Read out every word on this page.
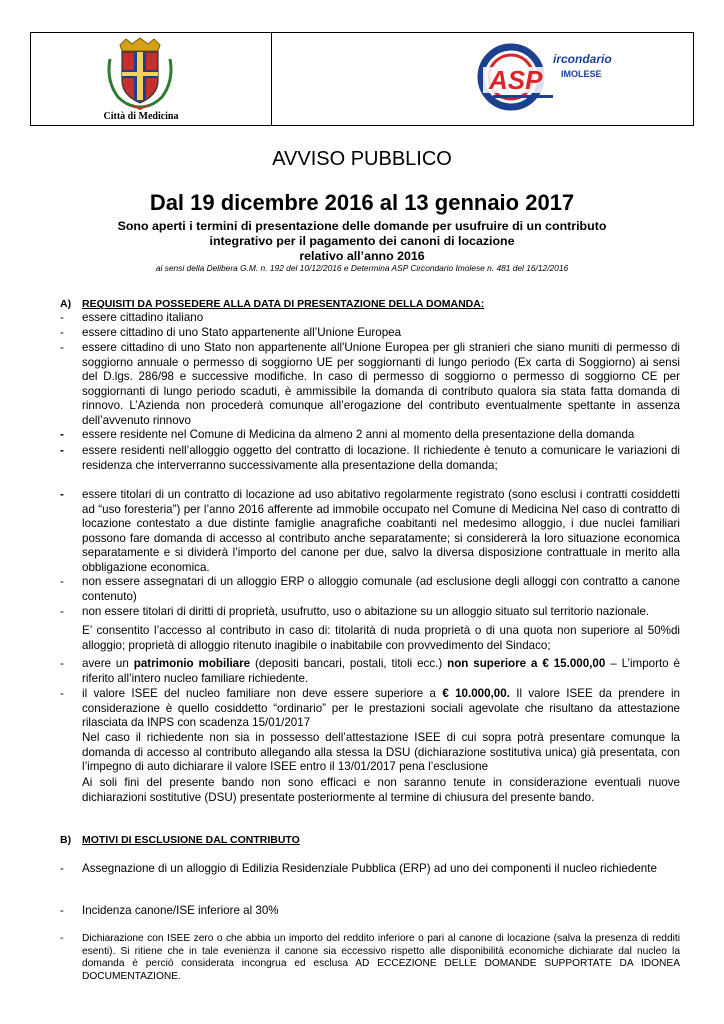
Città di Medicina
ASP
ircondario
IMOLESE
AVVISO PUBBLICO
Dal 19 dicembre 2016 al 13 gennaio 2017
Sono aperti i termini di presentazione delle domande per usufruire di un contributo
integrativo per il pagamento dei canoni di locazione
relativo all’anno 2016
ai sensi della Delibera G.M. n. 192 del 10/12/2016 e Determina ASP Circondario Imolese n. 481 del 16/12/2016
A) REQUISITI DA POSSEDERE ALLA DATA DI PRESENTAZIONE DELLA DOMANDA:
- essere cittadino italiano
- essere cittadino di uno Stato appartenente all’Unione Europea
- essere cittadino di uno Stato non appartenente all'Unione Europea per gli stranieri che siano muniti di permesso di soggiorno annuale o permesso di soggiorno UE per soggiornanti di lungo periodo (Ex carta di Soggiorno) ai sensi del D.lgs. 286/98 e successive modifiche. In caso di permesso di soggiorno o permesso di soggiorno CE per soggiornanti di lungo periodo scaduti, è ammissibile la domanda di contributo qualora sia stata fatta domanda di rinnovo. L’Azienda non procederà comunque all’erogazione del contributo eventualmente spettante in assenza dell’avvenuto rinnovo
- essere residente nel Comune di Medicina da almeno 2 anni al momento della presentazione della domanda
- essere residenti nell’alloggio oggetto del contratto di locazione. Il richiedente è tenuto a comunicare le variazioni di residenza che interverranno successivamente alla presentazione della domanda;
- essere titolari di un contratto di locazione ad uso abitativo regolarmente registrato (sono esclusi i contratti cosiddetti ad “uso foresteria”) per l’anno 2016 afferente ad immobile occupato nel Comune di Medicina Nel caso di contratto di locazione contestato a due distinte famiglie anagrafiche coabitanti nel medesimo alloggio, i due nuclei familiari possono fare domanda di accesso al contributo anche separatamente; si considererà la loro situazione economica separatamente e si dividerà l’importo del canone per due, salvo la diversa disposizione contrattuale in merito alla obbligazione economica.
- non essere assegnatari di un alloggio ERP o alloggio comunale (ad esclusione degli alloggi con contratto a canone contenuto)
- non essere titolari di diritti di proprietà, usufrutto, uso o abitazione su un alloggio situato sul territorio nazionale.
E’ consentito l’accesso al contributo in caso di: titolarità di nuda proprietà o di una quota non superiore al 50%di alloggio; proprietà di alloggio ritenuto inagibile o inabitabile con provvedimento del Sindaco;
- avere un patrimonio mobiliare (depositi bancari, postali, titoli ecc.) non superiore a € 15.000,00 – L’importo è riferito all’intero nucleo familiare richiedente.
- il valore ISEE del nucleo familiare non deve essere superiore a € 10.000,00. Il valore ISEE da prendere in considerazione è quello cosiddetto “ordinario” per le prestazioni sociali agevolate che risultano da attestazione rilasciata da INPS con scadenza 15/01/2017
Nel caso il richiedente non sia in possesso dell’attestazione ISEE di cui sopra potrà presentare comunque la domanda di accesso al contributo allegando alla stessa la DSU (dichiarazione sostitutiva unica) già presentata, con l’impegno di auto dichiarare il valore ISEE entro il 13/01/2017 pena l’esclusione
Ai soli fini del presente bando non sono efficaci e non saranno tenute in considerazione eventuali nuove dichiarazioni sostitutive (DSU) presentate posteriormente al termine di chiusura del presente bando.
B) MOTIVI DI ESCLUSIONE DAL CONTRIBUTO
- Assegnazione di un alloggio di Edilizia Residenziale Pubblica (ERP) ad uno dei componenti il nucleo richiedente
- Incidenza canone/ISE inferiore al 30%
- Dichiarazione con ISEE zero o che abbia un importo del reddito inferiore o pari al canone di locazione (salva la presenza di redditi esenti). Si ritiene che in tale evenienza il canone sia eccessivo rispetto alle disponibilità economiche dichiarate dal nucleo la domanda è perciò considerata incongrua ed esclusa AD ECCEZIONE DELLE DOMANDE SUPPORTATE DA IDONEA DOCUMENTAZIONE.
